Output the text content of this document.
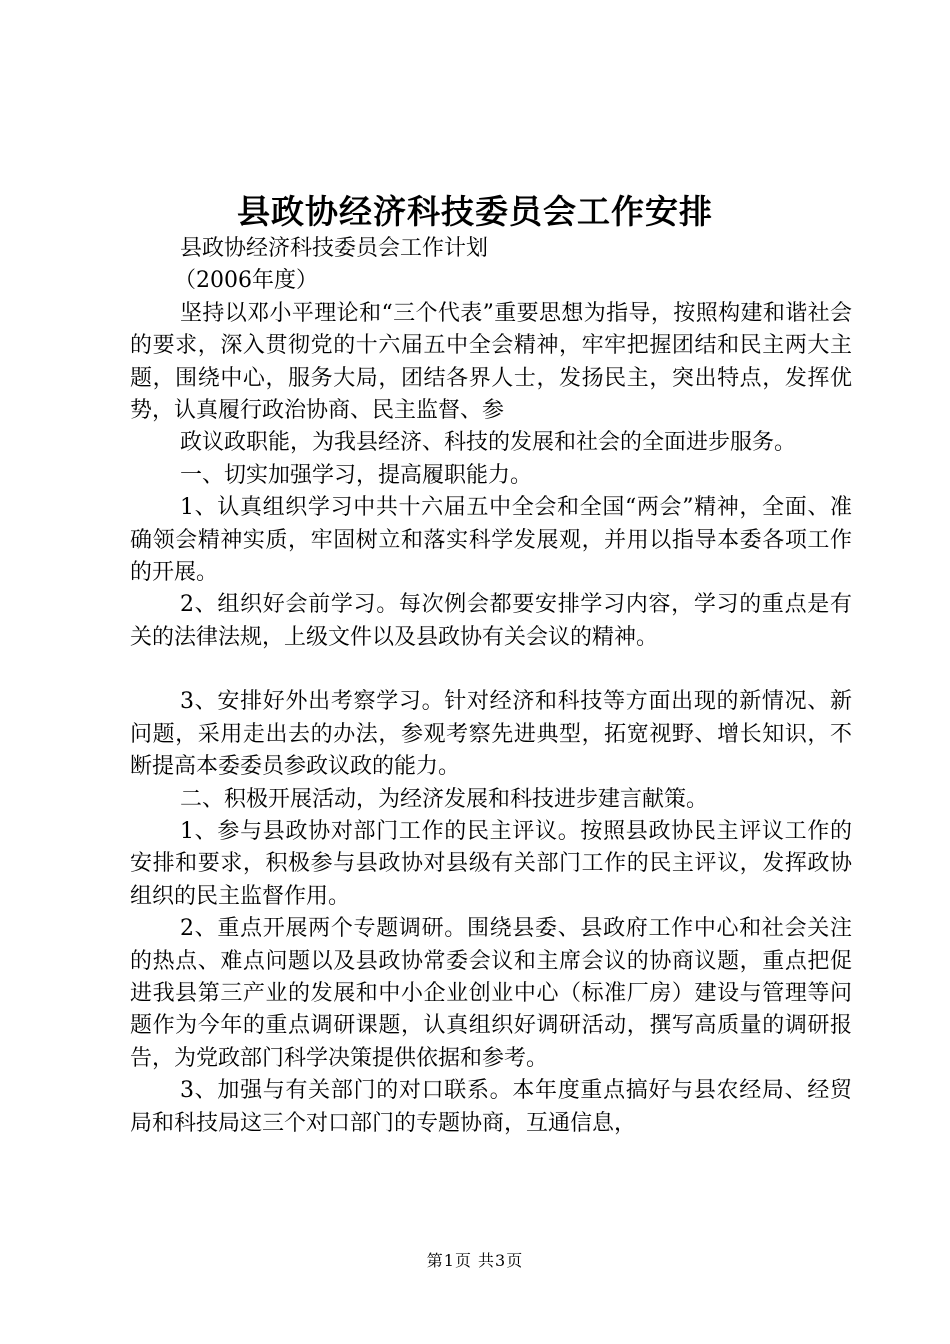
县政协经济科技委员会工作安排

县政协经济科技委员会工作计划

（2006年度）

坚持以邓小平理论和“三个代表”重要思想为指导，按照构建和谐社会的要求，深入贯彻党的十六届五中全会精神，牢牢把握团结和民主两大主题，围绕中心，服务大局，团结各界人士，发扬民主，突出特点，发挥优势，认真履行政治协商、民主监督、参

政议政职能，为我县经济、科技的发展和社会的全面进步服务。

一、切实加强学习，提高履职能力。

1、认真组织学习中共十六届五中全会和全国“两会”精神，全面、准确领会精神实质，牢固树立和落实科学发展观，并用以指导本委各项工作的开展。

2、组织好会前学习。每次例会都要安排学习内容，学习的重点是有关的法律法规，上级文件以及县政协有关会议的精神。

3、安排好外出考察学习。针对经济和科技等方面出现的新情况、新问题，采用走出去的办法，参观考察先进典型，拓宽视野、增长知识，不断提高本委委员参政议政的能力。

二、积极开展活动，为经济发展和科技进步建言献策。

1、参与县政协对部门工作的民主评议。按照县政协民主评议工作的安排和要求，积极参与县政协对县级有关部门工作的民主评议，发挥政协组织的民主监督作用。

2、重点开展两个专题调研。围绕县委、县政府工作中心和社会关注的热点、难点问题以及县政协常委会议和主席会议的协商议题，重点把促进我县第三产业的发展和中小企业创业中心（标准厂房）建设与管理等问题作为今年的重点调研课题，认真组织好调研活动，撰写高质量的调研报告，为党政部门科学决策提供依据和参考。

3、加强与有关部门的对口联系。本年度重点搞好与县农经局、经贸局和科技局这三个对口部门的专题协商，互通信息，

第1页 共3页
